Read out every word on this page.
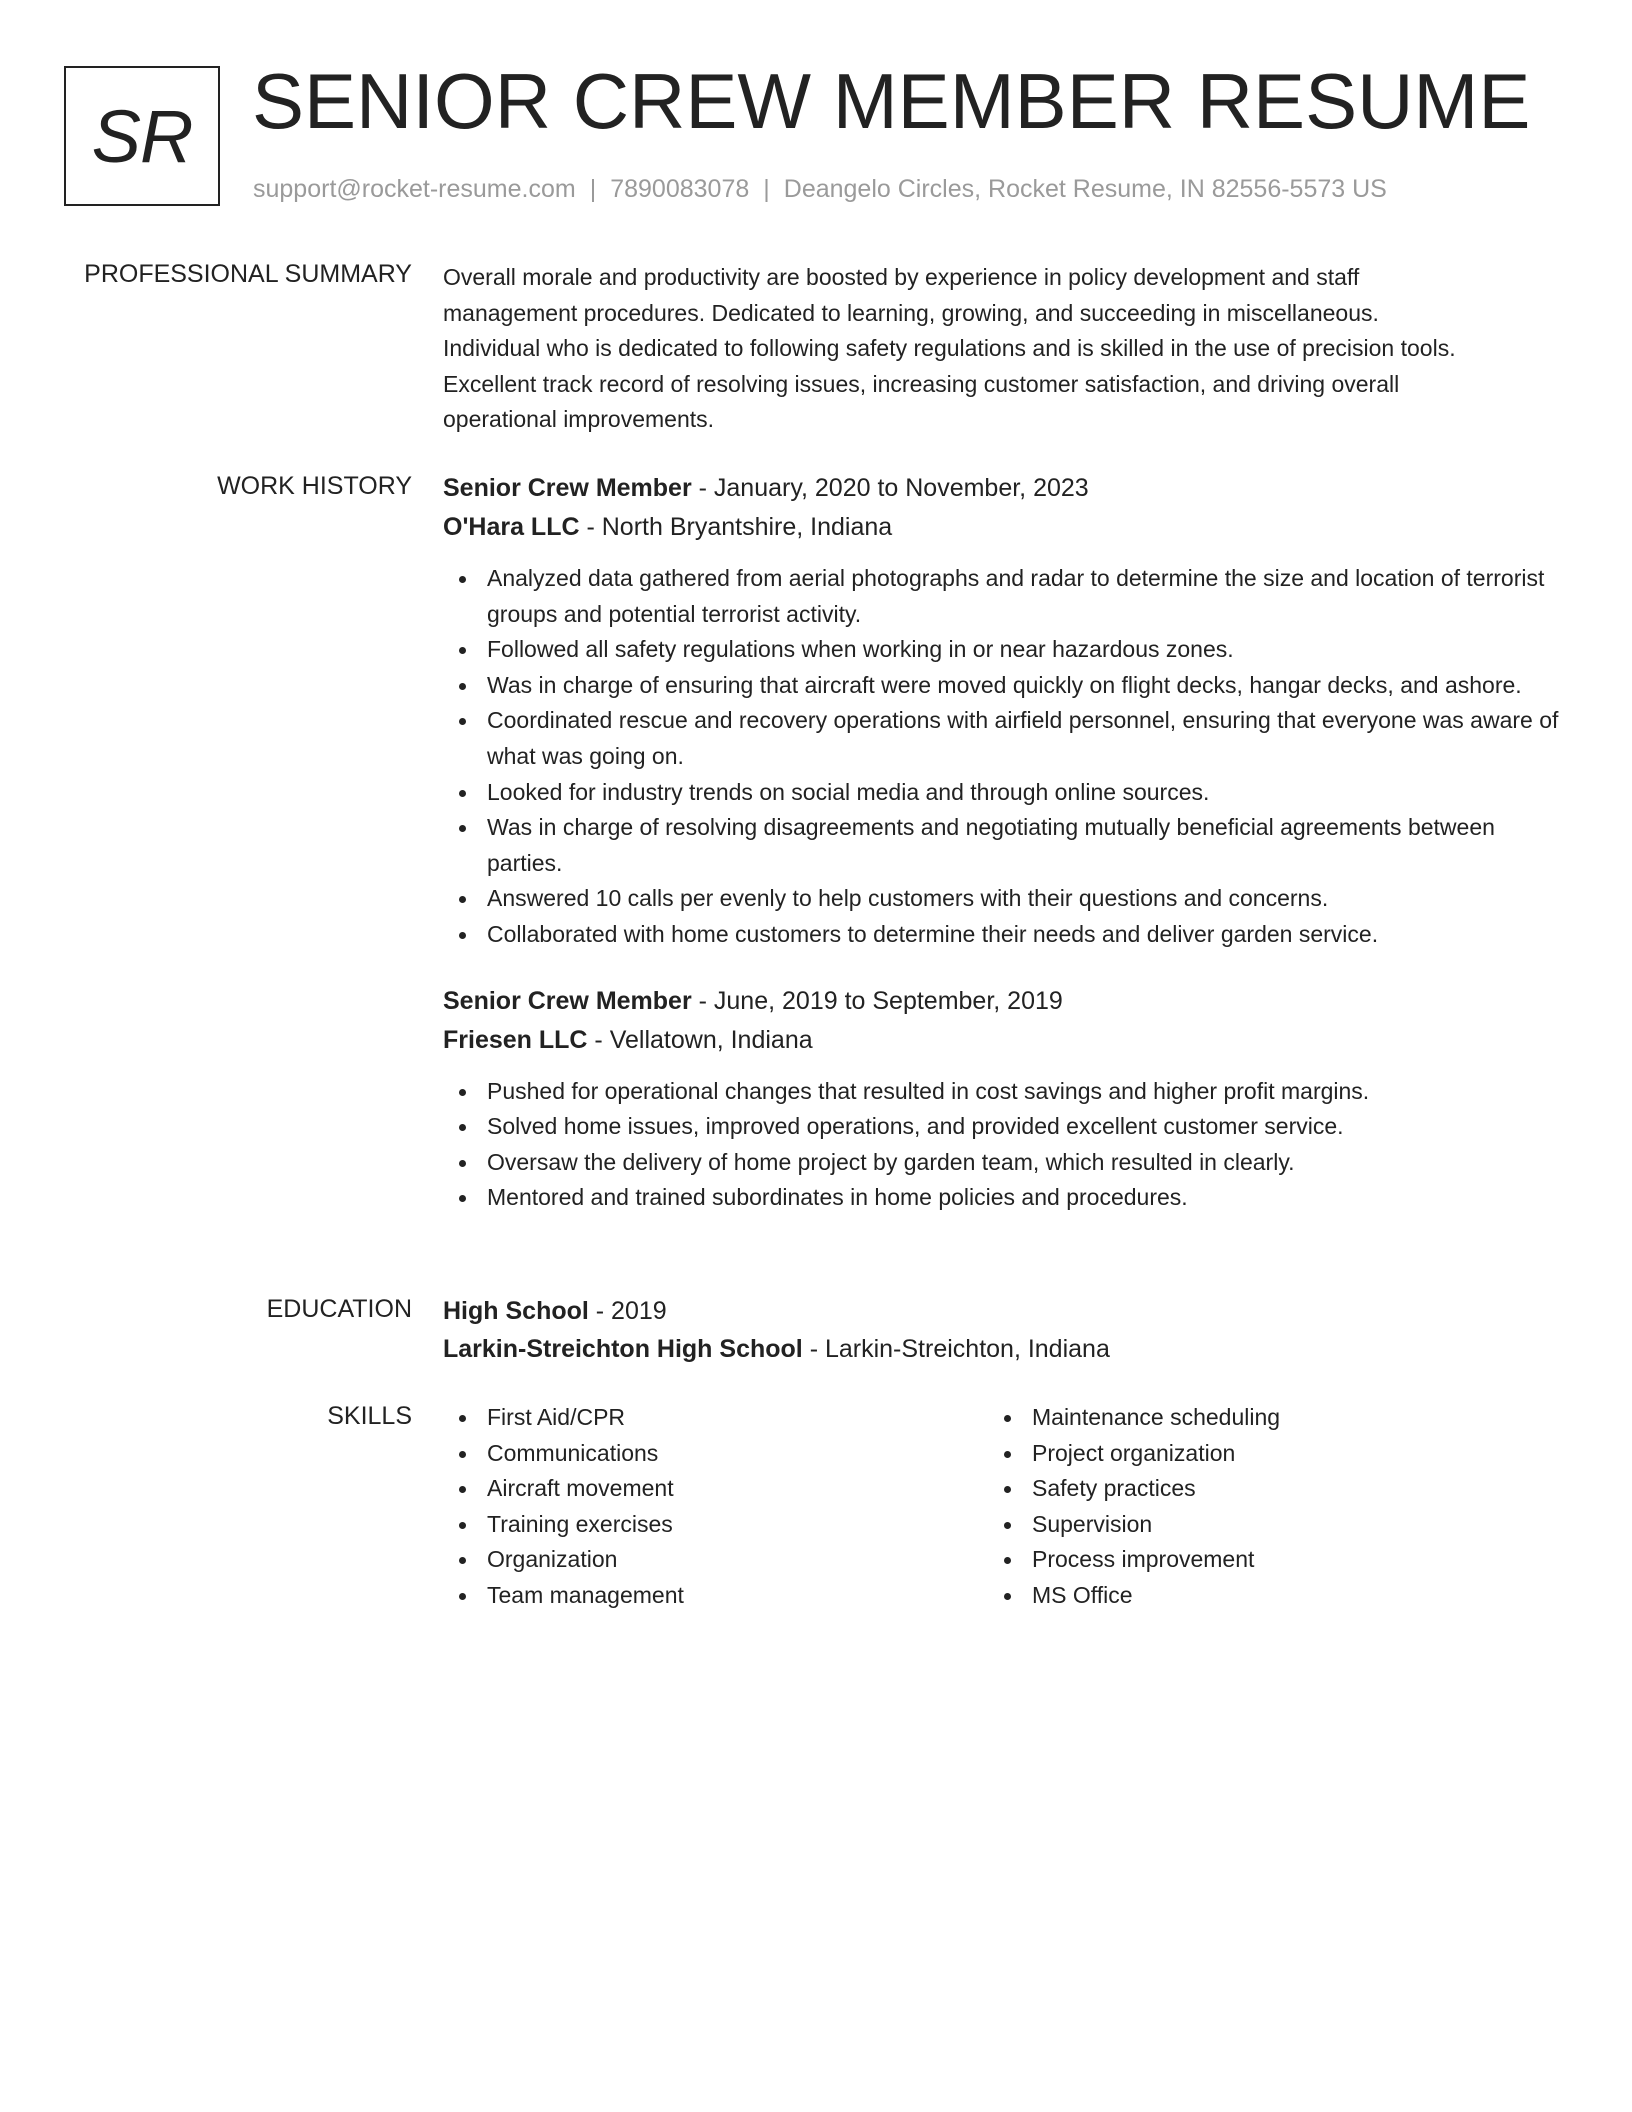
SR SENIOR CREW MEMBER RESUME
support@rocket-resume.com | 7890083078 | Deangelo Circles, Rocket Resume, IN 82556-5573 US
PROFESSIONAL SUMMARY Overall morale and productivity are boosted by experience in policy development and staff
management procedures. Dedicated to learning, growing, and succeeding in miscellaneous.
Individual who is dedicated to following safety regulations and is skilled in the use of precision tools.
Excellent track record of resolving issues, increasing customer satisfaction, and driving overall
operational improvements.
WORK HISTORY Senior Crew Member - January, 2020 to November, 2023
O'Hara LLC - North Bryantshire, Indiana
Analyzed data gathered from aerial photographs and radar to determine the size and location of terrorist groups and potential terrorist activity.
Followed all safety regulations when working in or near hazardous zones.
Was in charge of ensuring that aircraft were moved quickly on flight decks, hangar decks, and ashore.
Coordinated rescue and recovery operations with airfield personnel, ensuring that everyone was aware of what was going on.
Looked for industry trends on social media and through online sources.
Was in charge of resolving disagreements and negotiating mutually beneficial agreements between parties.
Answered 10 calls per evenly to help customers with their questions and concerns.
Collaborated with home customers to determine their needs and deliver garden service.
Senior Crew Member - June, 2019 to September, 2019
Friesen LLC - Vellatown, Indiana
Pushed for operational changes that resulted in cost savings and higher profit margins.
Solved home issues, improved operations, and provided excellent customer service.
Oversaw the delivery of home project by garden team, which resulted in clearly.
Mentored and trained subordinates in home policies and procedures.
EDUCATION High School - 2019
Larkin-Streichton High School - Larkin-Streichton, Indiana
SKILLS	First Aid/CPR
Communications
Aircraft movement
Training exercises
Organization
Team management
Maintenance scheduling
Project organization
Safety practices
Supervision
Process improvement
MS Office
